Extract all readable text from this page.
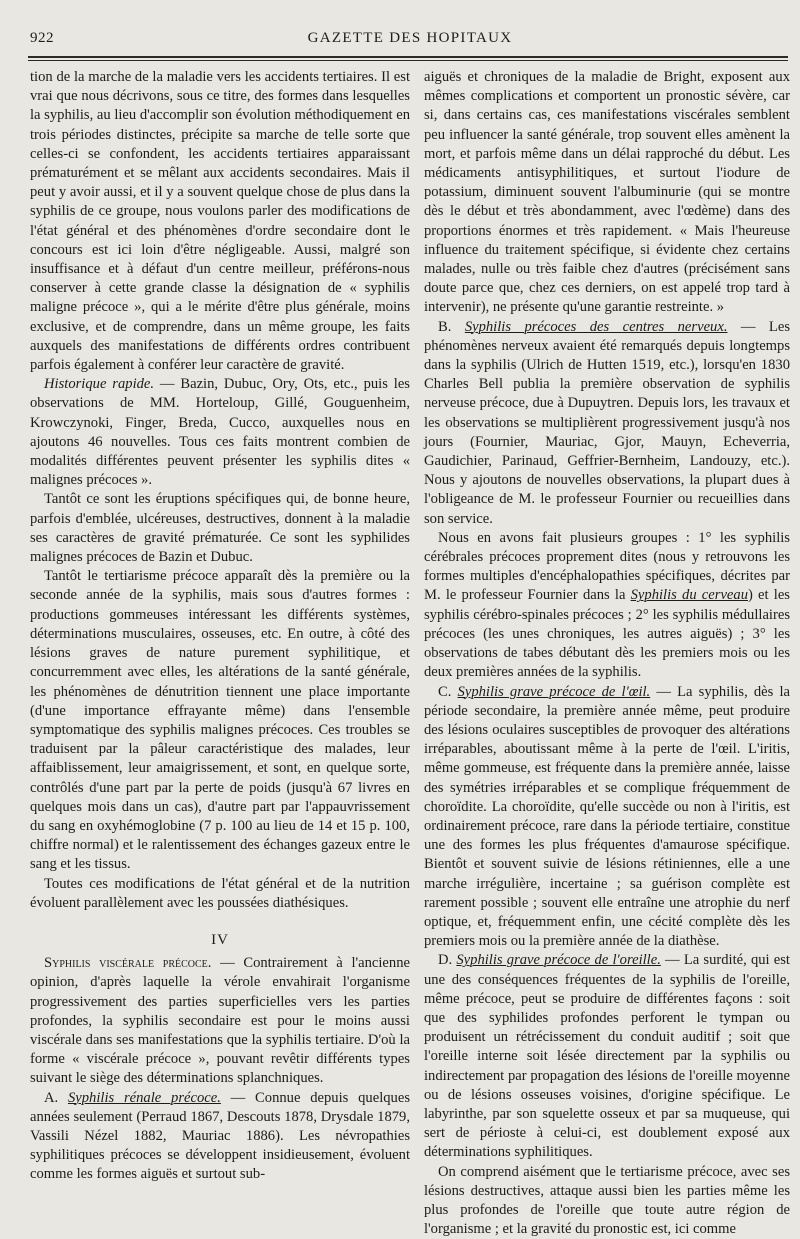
922	GAZETTE DES HOPITAUX

tion de la marche de la maladie vers les accidents tertiaires. Il est vrai que nous décrivons, sous ce titre, des formes dans lesquelles la syphilis, au lieu d'accomplir son évolution méthodiquement en trois périodes distinctes, précipite sa marche de telle sorte que celles-ci se confondent, les accidents tertiaires apparaissant prématurément et se mêlant aux accidents secondaires. Mais il peut y avoir aussi, et il y a souvent quelque chose de plus dans la syphilis de ce groupe, nous voulons parler des modifications de l'état général et des phénomènes d'ordre secondaire dont le concours est ici loin d'être négligeable. Aussi, malgré son insuffisance et à défaut d'un centre meilleur, préférons-nous conserver à cette grande classe la désignation de « syphilis maligne précoce », qui a le mérite d'être plus générale, moins exclusive, et de comprendre, dans un même groupe, les faits auxquels des manifestations de différents ordres contribuent parfois également à conférer leur caractère de gravité.

Historique rapide. — Bazin, Dubuc, Ory, Ots, etc., puis les observations de MM. Horteloup, Gillé, Gouguenheim, Krowczynoki, Finger, Breda, Cucco, auxquelles nous en ajoutons 46 nouvelles. Tous ces faits montrent combien de modalités différentes peuvent présenter les syphilis dites « malignes précoces ».

Tantôt ce sont les éruptions spécifiques qui, de bonne heure, parfois d'emblée, ulcéreuses, destructives, donnent à la maladie ses caractères de gravité prématurée. Ce sont les syphilides malignes précoces de Bazin et Dubuc.

Tantôt le tertiarisme précoce apparaît dès la première ou la seconde année de la syphilis, mais sous d'autres formes : productions gommeuses intéressant les différents systèmes, déterminations musculaires, osseuses, etc. En outre, à côté des lésions graves de nature purement syphilitique, et concurremment avec elles, les altérations de la santé générale, les phénomènes de dénutrition tiennent une place importante (d'une importance effrayante même) dans l'ensemble symptomatique des syphilis malignes précoces. Ces troubles se traduisent par la pâleur caractéristique des malades, leur affaiblissement, leur amaigrissement, et sont, en quelque sorte, contrôlés d'une part par la perte de poids (jusqu'à 67 livres en quelques mois dans un cas), d'autre part par l'appauvrissement du sang en oxyhémoglobine (7 p. 100 au lieu de 14 et 15 p. 100, chiffre normal) et le ralentissement des échanges gazeux entre le sang et les tissus.

Toutes ces modifications de l'état général et de la nutrition évoluent parallèlement avec les poussées diathésiques.

IV

Syphilis viscérale précoce. — Contrairement à l'ancienne opinion, d'après laquelle la vérole envahirait l'organisme progressivement des parties superficielles vers les parties profondes, la syphilis secondaire est pour le moins aussi viscérale dans ses manifestations que la syphilis tertiaire. D'où la forme « viscérale précoce », pouvant revêtir différents types suivant le siège des déterminations splanchniques.

A. Syphilis rénale précoce. — Connue depuis quelques années seulement (Perraud 1867, Descouts 1878, Drysdale 1879, Vassili Nézel 1882, Mauriac 1886). Les névropathies syphilitiques précoces se développent insidieusement, évoluent comme les formes aiguës et surtout sub-

aiguës et chroniques de la maladie de Bright, exposent aux mêmes complications et comportent un pronostic sévère, car si, dans certains cas, ces manifestations viscérales semblent peu influencer la santé générale, trop souvent elles amènent la mort, et parfois même dans un délai rapproché du début. Les médicaments antisyphilitiques, et surtout l'iodure de potassium, diminuent souvent l'albuminurie (qui se montre dès le début et très abondamment, avec l'œdème) dans des proportions énormes et très rapidement. « Mais l'heureuse influence du traitement spécifique, si évidente chez certains malades, nulle ou très faible chez d'autres (précisément sans doute parce que, chez ces derniers, on est appelé trop tard à intervenir), ne présente qu'une garantie restreinte. »

B. Syphilis précoces des centres nerveux. — Les phénomènes nerveux avaient été remarqués depuis longtemps dans la syphilis (Ulrich de Hutten 1519, etc.), lorsqu'en 1830 Charles Bell publia la première observation de syphilis nerveuse précoce, due à Dupuytren. Depuis lors, les travaux et les observations se multiplièrent progressivement jusqu'à nos jours (Fournier, Mauriac, Gjor, Mauyn, Echeverria, Gaudichier, Parinaud, Geffrier-Bernheim, Landouzy, etc.). Nous y ajoutons de nouvelles observations, la plupart dues à l'obligeance de M. le professeur Fournier ou recueillies dans son service.

Nous en avons fait plusieurs groupes : 1° les syphilis cérébrales précoces proprement dites (nous y retrouvons les formes multiples d'encéphalopathies spécifiques, décrites par M. le professeur Fournier dans la Syphilis du cerveau) et les syphilis cérébro-spinales précoces ; 2° les syphilis médullaires précoces (les unes chroniques, les autres aiguës) ; 3° les observations de tabes débutant dès les premiers mois ou les deux premières années de la syphilis.

C. Syphilis grave précoce de l'œil. — La syphilis, dès la période secondaire, la première année même, peut produire des lésions oculaires susceptibles de provoquer des altérations irréparables, aboutissant même à la perte de l'œil. L'iritis, même gommeuse, est fréquente dans la première année, laisse des symétries irréparables et se complique fréquemment de choroïdite. La choroïdite, qu'elle succède ou non à l'iritis, est ordinairement précoce, rare dans la période tertiaire, constitue une des formes les plus fréquentes d'amaurose spécifique. Bientôt et souvent suivie de lésions rétiniennes, elle a une marche irrégulière, incertaine ; sa guérison complète est rarement possible ; souvent elle entraîne une atrophie du nerf optique, et, fréquemment enfin, une cécité complète dès les premiers mois ou la première année de la diathèse.

D. Syphilis grave précoce de l'oreille. — La surdité, qui est une des conséquences fréquentes de la syphilis de l'oreille, même précoce, peut se produire de différentes façons : soit que des syphilides profondes perforent le tympan ou produisent un rétrécissement du conduit auditif ; soit que l'oreille interne soit lésée directement par la syphilis ou indirectement par propagation des lésions de l'oreille moyenne ou de lésions osseuses voisines, d'origine spécifique. Le labyrinthe, par son squelette osseux et par sa muqueuse, qui sert de périoste à celui-ci, est doublement exposé aux déterminations syphilitiques.

On comprend aisément que le tertiarisme précoce, avec ses lésions destructives, attaque aussi bien les parties même les plus profondes de l'oreille que toute autre région de l'organisme ; et la gravité du pronostic est, ici comme
